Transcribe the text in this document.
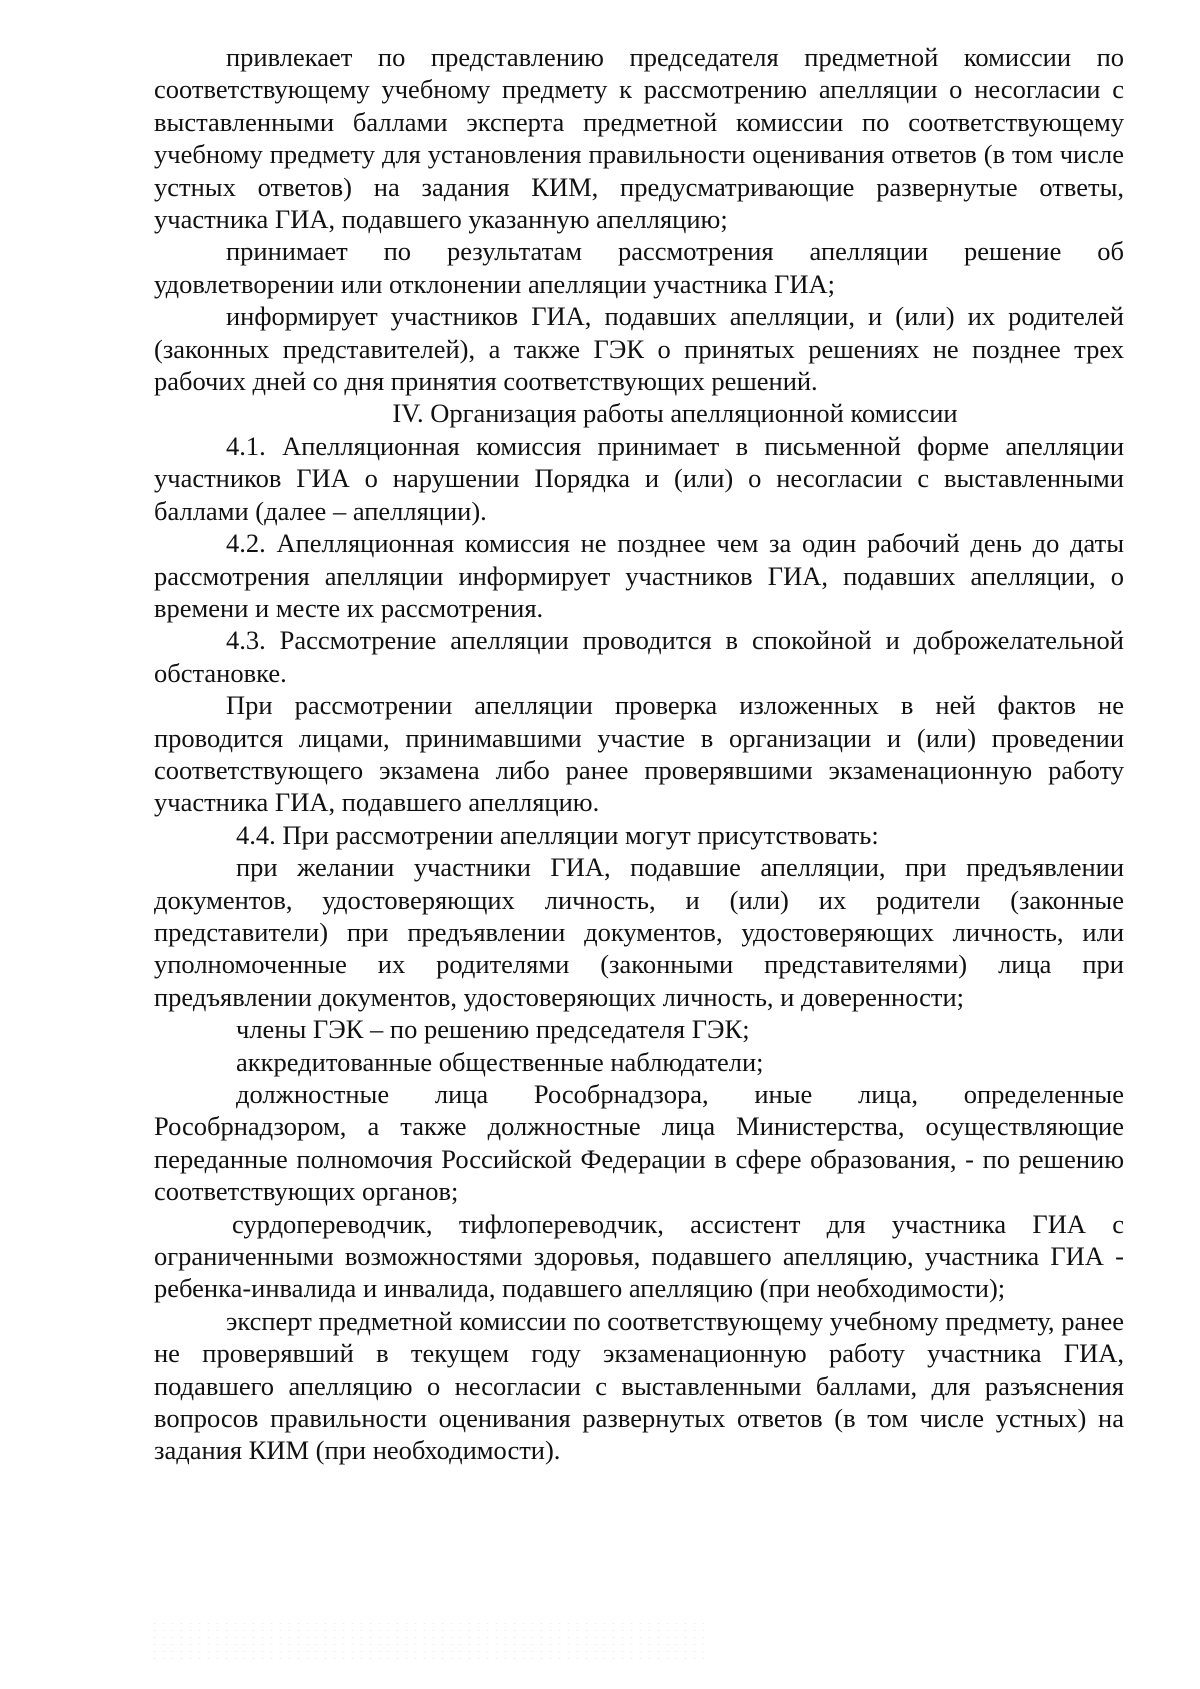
привлекает по представлению председателя предметной комиссии по соответствующему учебному предмету к рассмотрению апелляции о несогласии с выставленными баллами эксперта предметной комиссии по соответствующему учебному предмету для установления правильности оценивания ответов (в том числе устных ответов) на задания КИМ, предусматривающие развернутые ответы, участника ГИА, подавшего указанную апелляцию;

принимает по результатам рассмотрения апелляции решение об удовлетворении или отклонении апелляции участника ГИА;

информирует участников ГИА, подавших апелляции, и (или) их родителей (законных представителей), а также ГЭК о принятых решениях не позднее трех рабочих дней со дня принятия соответствующих решений.

IV. Организация работы апелляционной комиссии

4.1. Апелляционная комиссия принимает в письменной форме апелляции участников ГИА о нарушении Порядка и (или) о несогласии с выставленными баллами (далее – апелляции).

4.2. Апелляционная комиссия не позднее чем за один рабочий день до даты рассмотрения апелляции информирует участников ГИА, подавших апелляции, о времени и месте их рассмотрения.

4.3. Рассмотрение апелляции проводится в спокойной и доброжелательной обстановке.

При рассмотрении апелляции проверка изложенных в ней фактов не проводится лицами, принимавшими участие в организации и (или) проведении соответствующего экзамена либо ранее проверявшими экзаменационную работу участника ГИА, подавшего апелляцию.

4.4. При рассмотрении апелляции могут присутствовать:

при желании участники ГИА, подавшие апелляции, при предъявлении документов, удостоверяющих личность, и (или) их родители (законные представители) при предъявлении документов, удостоверяющих личность, или уполномоченные их родителями (законными представителями) лица при предъявлении документов, удостоверяющих личность, и доверенности;

члены ГЭК – по решению председателя ГЭК;

аккредитованные общественные наблюдатели;

должностные лица Рособрнадзора, иные лица, определенные Рособрнадзором, а также должностные лица Министерства, осуществляющие переданные полномочия Российской Федерации в сфере образования, - по решению соответствующих органов;

сурдопереводчик, тифлопереводчик, ассистент для участника ГИА с ограниченными возможностями здоровья, подавшего апелляцию, участника ГИА - ребенка-инвалида и инвалида, подавшего апелляцию (при необходимости);

эксперт предметной комиссии по соответствующему учебному предмету, ранее не проверявший в текущем году экзаменационную работу участника ГИА, подавшего апелляцию о несогласии с выставленными баллами, для разъяснения вопросов правильности оценивания развернутых ответов (в том числе устных) на задания КИМ (при необходимости).
